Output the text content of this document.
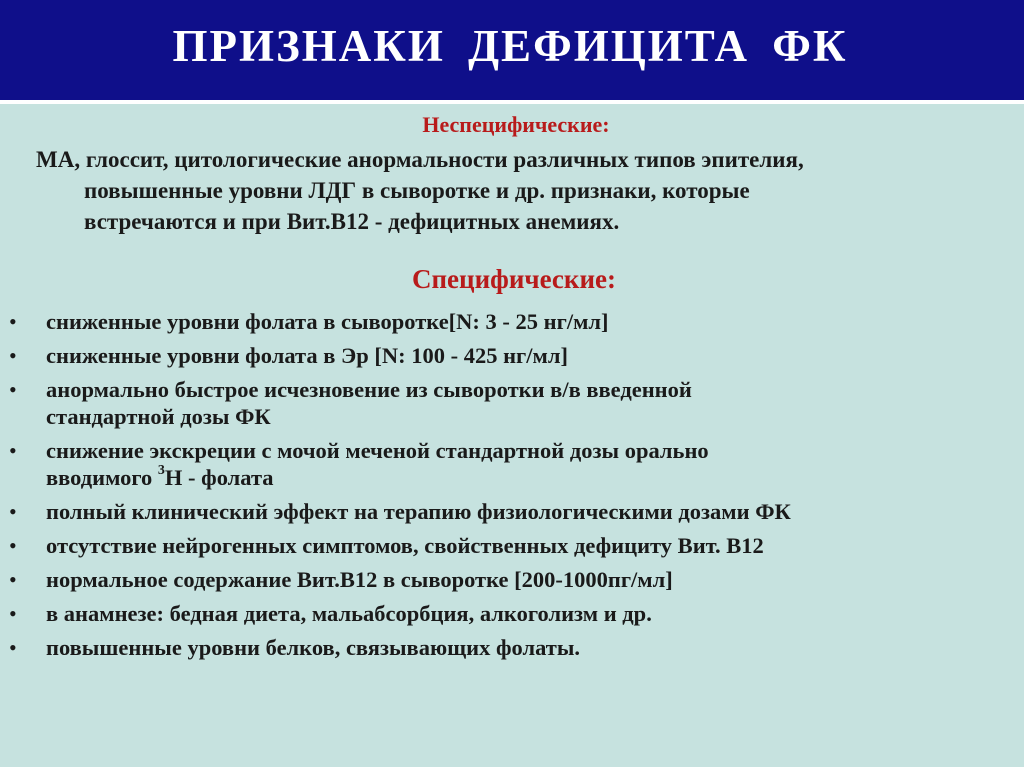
ПРИЗНАКИ ДЕФИЦИТА ФК
Неспецифические:
МА, глоссит, цитологические анормальности различных типов эпителия,
повышенные уровни ЛДГ в сыворотке и др. признаки, которые
встречаются и при Вит.В12 - дефицитных анемиях.
Специфические:
• сниженные уровни фолата в сыворотке[N: 3 - 25 нг/мл]
• сниженные уровни фолата в Эр [N: 100 - 425 нг/мл]
• анормально быстрое исчезновение из сыворотки в/в введенной
стандартной дозы ФК
• снижение экскреции с мочой меченой стандартной дозы орально
вводимого $^3$Н - фолата
• полный клинический эффект на терапию физиологическими дозами ФК
• отсутствие нейрогенных симптомов, свойственных дефициту Вит. В12
• нормальное содержание Вит.В12 в сыворотке [200-1000пг/мл]
• в анамнезе: бедная диета, мальабсорбция, алкоголизм и др.
• повышенные уровни белков, связывающих фолаты.
